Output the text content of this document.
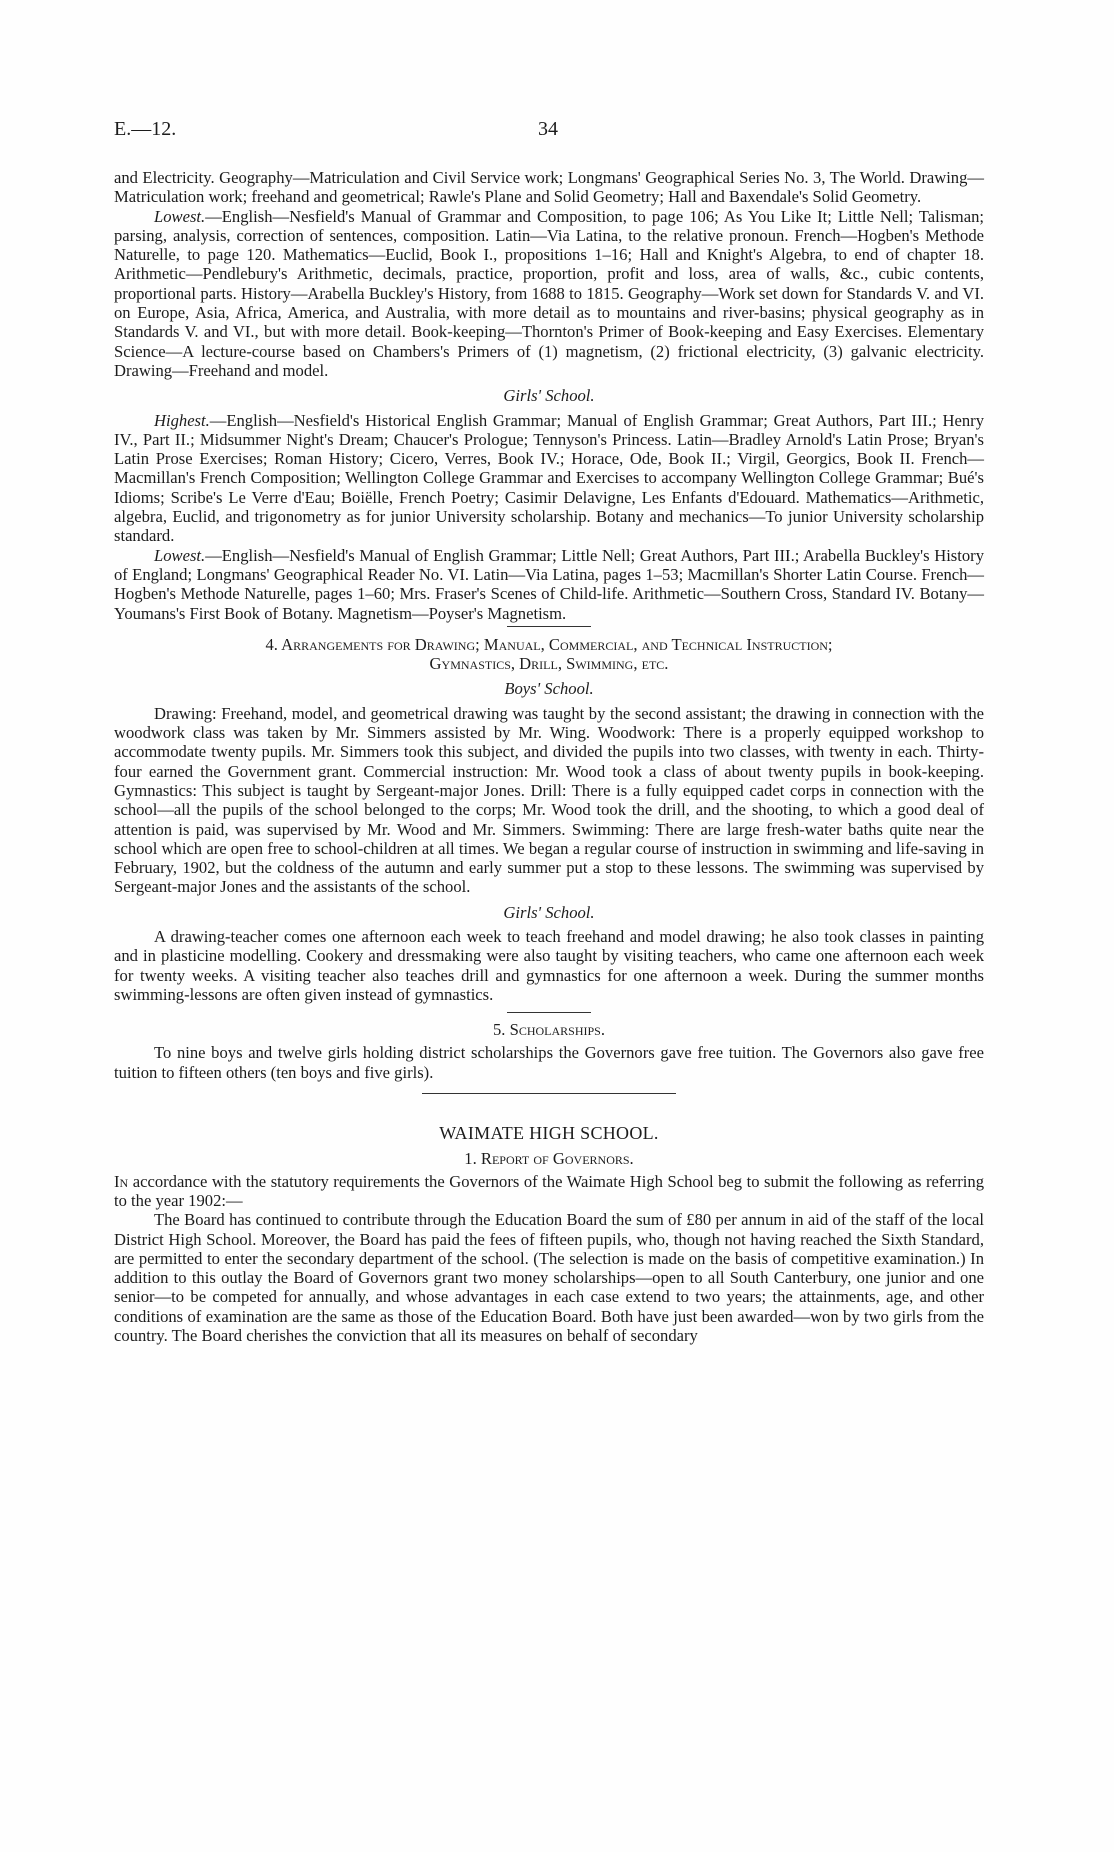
E.—12.	34

and Electricity. Geography—Matriculation and Civil Service work; Longmans' Geographical Series No. 3, The World. Drawing—Matriculation work; freehand and geometrical; Rawle's Plane and Solid Geometry; Hall and Baxendale's Solid Geometry.

Lowest.—English—Nesfield's Manual of Grammar and Composition, to page 106; As You Like It; Little Nell; Talisman; parsing, analysis, correction of sentences, composition. Latin—Via Latina, to the relative pronoun. French—Hogben's Methode Naturelle, to page 120. Mathematics—Euclid, Book I., propositions 1–16; Hall and Knight's Algebra, to end of chapter 18. Arithmetic—Pendlebury's Arithmetic, decimals, practice, proportion, profit and loss, area of walls, &c., cubic contents, proportional parts. History—Arabella Buckley's History, from 1688 to 1815. Geography—Work set down for Standards V. and VI. on Europe, Asia, Africa, America, and Australia, with more detail as to mountains and river-basins; physical geography as in Standards V. and VI., but with more detail. Book-keeping—Thornton's Primer of Book-keeping and Easy Exercises. Elementary Science—A lecture-course based on Chambers's Primers of (1) magnetism, (2) frictional electricity, (3) galvanic electricity. Drawing—Freehand and model.

Girls' School.

Highest.—English—Nesfield's Historical English Grammar; Manual of English Grammar; Great Authors, Part III.; Henry IV., Part II.; Midsummer Night's Dream; Chaucer's Prologue; Tennyson's Princess. Latin—Bradley Arnold's Latin Prose; Bryan's Latin Prose Exercises; Roman History; Cicero, Verres, Book IV.; Horace, Ode, Book II.; Virgil, Georgics, Book II. French—Macmillan's French Composition; Wellington College Grammar and Exercises to accompany Wellington College Grammar; Bué's Idioms; Scribe's Le Verre d'Eau; Boiëlle, French Poetry; Casimir Delavigne, Les Enfants d'Edouard. Mathematics—Arithmetic, algebra, Euclid, and trigonometry as for junior University scholarship. Botany and mechanics—To junior University scholarship standard.

Lowest.—English—Nesfield's Manual of English Grammar; Little Nell; Great Authors, Part III.; Arabella Buckley's History of England; Longmans' Geographical Reader No. VI. Latin—Via Latina, pages 1–53; Macmillan's Shorter Latin Course. French—Hogben's Methode Naturelle, pages 1–60; Mrs. Fraser's Scenes of Child-life. Arithmetic—Southern Cross, Standard IV. Botany—Youmans's First Book of Botany. Magnetism—Poyser's Magnetism.

4. Arrangements for Drawing; Manual, Commercial, and Technical Instruction;

Gymnastics, Drill, Swimming, etc.

Boys' School.

Drawing: Freehand, model, and geometrical drawing was taught by the second assistant; the drawing in connection with the woodwork class was taken by Mr. Simmers assisted by Mr. Wing. Woodwork: There is a properly equipped workshop to accommodate twenty pupils. Mr. Simmers took this subject, and divided the pupils into two classes, with twenty in each. Thirty-four earned the Government grant. Commercial instruction: Mr. Wood took a class of about twenty pupils in book-keeping. Gymnastics: This subject is taught by Sergeant-major Jones. Drill: There is a fully equipped cadet corps in connection with the school—all the pupils of the school belonged to the corps; Mr. Wood took the drill, and the shooting, to which a good deal of attention is paid, was supervised by Mr. Wood and Mr. Simmers. Swimming: There are large fresh-water baths quite near the school which are open free to school-children at all times. We began a regular course of instruction in swimming and life-saving in February, 1902, but the coldness of the autumn and early summer put a stop to these lessons. The swimming was supervised by Sergeant-major Jones and the assistants of the school.

Girls' School.

A drawing-teacher comes one afternoon each week to teach freehand and model drawing; he also took classes in painting and in plasticine modelling. Cookery and dressmaking were also taught by visiting teachers, who came one afternoon each week for twenty weeks. A visiting teacher also teaches drill and gymnastics for one afternoon a week. During the summer months swimming-lessons are often given instead of gymnastics.

5. Scholarships.

To nine boys and twelve girls holding district scholarships the Governors gave free tuition. The Governors also gave free tuition to fifteen others (ten boys and five girls).

WAIMATE HIGH SCHOOL.

1. Report of Governors.

In accordance with the statutory requirements the Governors of the Waimate High School beg to submit the following as referring to the year 1902:—

The Board has continued to contribute through the Education Board the sum of £80 per annum in aid of the staff of the local District High School. Moreover, the Board has paid the fees of fifteen pupils, who, though not having reached the Sixth Standard, are permitted to enter the secondary department of the school. (The selection is made on the basis of competitive examination.) In addition to this outlay the Board of Governors grant two money scholarships—open to all South Canterbury, one junior and one senior—to be competed for annually, and whose advantages in each case extend to two years; the attainments, age, and other conditions of examination are the same as those of the Education Board. Both have just been awarded—won by two girls from the country. The Board cherishes the conviction that all its measures on behalf of secondary
